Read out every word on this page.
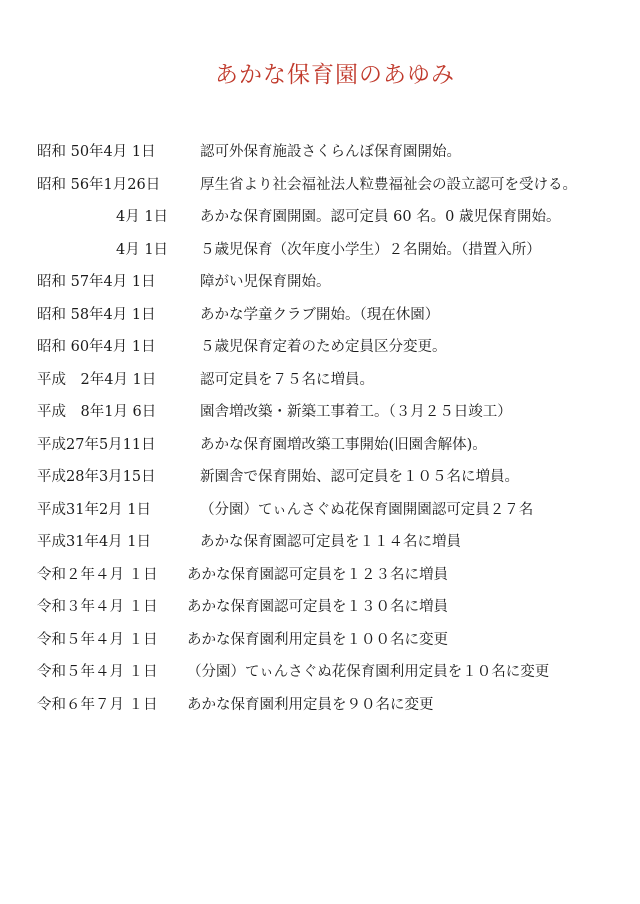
あかな保育園のあゆみ
昭和 50年4月 1日	認可外保育施設さくらんぼ保育園開始。
昭和 56年1月26日	厚生省より社会福祉法人粒豊福祉会の設立認可を受ける。
4月 1日 あかな保育園開園。認可定員 60 名。0 歳児保育開始。
4月 1日 ５歳児保育（次年度小学生）２名開始。（措置入所）
昭和 57年4月 1日	障がい児保育開始。
昭和 58年4月 1日	あかな学童クラブ開始。（現在休園）
昭和 60年4月 1日	５歳児保育定着のため定員区分変更。
平成　2年4月 1日	認可定員を７５名に増員。
平成　8年1月 6日	園舎増改築・新築工事着工。（３月２５日竣工）
平成27年5月11日	あかな保育園増改築工事開始(旧園舎解体)。
平成28年3月15日	新園舎で保育開始、認可定員を１０５名に増員。
平成31年2月 1日	（分園）てぃんさぐぬ花保育園開園認可定員２７名
平成31年4月 1日	あかな保育園認可定員を１１４名に増員
令和２年４月 １日 あかな保育園認可定員を１２３名に増員
令和３年４月 １日 あかな保育園認可定員を１３０名に増員
令和５年４月 １日 あかな保育園利用定員を１００名に変更
令和５年４月 １日 （分園）てぃんさぐぬ花保育園利用定員を１０名に変更
令和６年７月 １日 あかな保育園利用定員を９０名に変更
